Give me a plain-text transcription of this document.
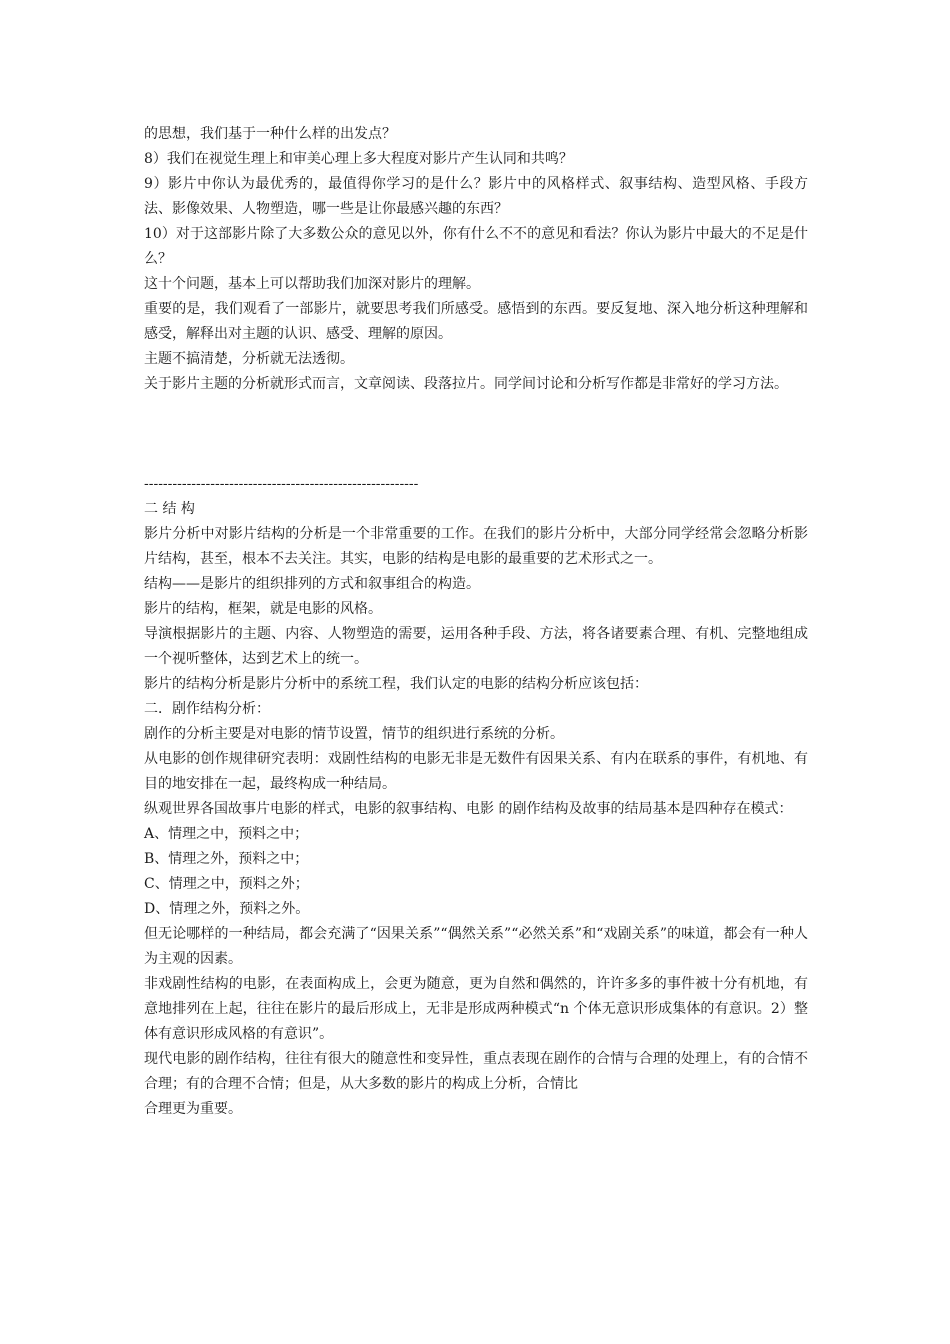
的思想，我们基于一种什么样的出发点？

8）我们在视觉生理上和审美心理上多大程度对影片产生认同和共鸣？

9）影片中你认为最优秀的，最值得你学习的是什么？影片中的风格样式、叙事结构、造型风格、手段方法、影像效果、人物塑造，哪一些是让你最感兴趣的东西？

10）对于这部影片除了大多数公众的意见以外，你有什么不不的意见和看法？你认为影片中最大的不足是什么？

这十个问题，基本上可以帮助我们加深对影片的理解。

重要的是，我们观看了一部影片，就要思考我们所感受。感悟到的东西。要反复地、深入地分析这种理解和感受，解释出对主题的认识、感受、理解的原因。

主题不搞清楚，分析就无法透彻。

关于影片主题的分析就形式而言，文章阅读、段落拉片。同学间讨论和分析写作都是非常好的学习方法。

----------------------------------------------------------

二 结 构

影片分析中对影片结构的分析是一个非常重要的工作。在我们的影片分析中，大部分同学经常会忽略分析影片结构，甚至，根本不去关注。其实，电影的结构是电影的最重要的艺术形式之一。

结构——是影片的组织排列的方式和叙事组合的构造。

影片的结构，框架，就是电影的风格。

导演根据影片的主题、内容、人物塑造的需要，运用各种手段、方法，将各诸要素合理、有机、完整地组成一个视听整体，达到艺术上的统一。

影片的结构分析是影片分析中的系统工程，我们认定的电影的结构分析应该包括：

二．剧作结构分析：

剧作的分析主要是对电影的情节设置，情节的组织进行系统的分析。

从电影的创作规律研究表明：戏剧性结构的电影无非是无数件有因果关系、有内在联系的事件，有机地、有目的地安排在一起，最终构成一种结局。

纵观世界各国故事片电影的样式，电影的叙事结构、电影 的剧作结构及故事的结局基本是四种存在模式：

A、情理之中，预料之中；

B、情理之外，预料之中；

C、情理之中，预料之外；

D、情理之外，预料之外。

但无论哪样的一种结局，都会充满了“因果关系”“偶然关系”“必然关系”和“戏剧关系”的味道，都会有一种人为主观的因素。

非戏剧性结构的电影，在表面构成上，会更为随意，更为自然和偶然的，许许多多的事件被十分有机地，有意地排列在上起，往往在影片的最后形成上，无非是形成两种模式“n 个体无意识形成集体的有意识。2）整体有意识形成风格的有意识”。

现代电影的剧作结构，往往有很大的随意性和变异性，重点表现在剧作的合情与合理的处理上，有的合情不合理；有的合理不合情；但是，从大多数的影片的构成上分析，合情比

合理更为重要。
